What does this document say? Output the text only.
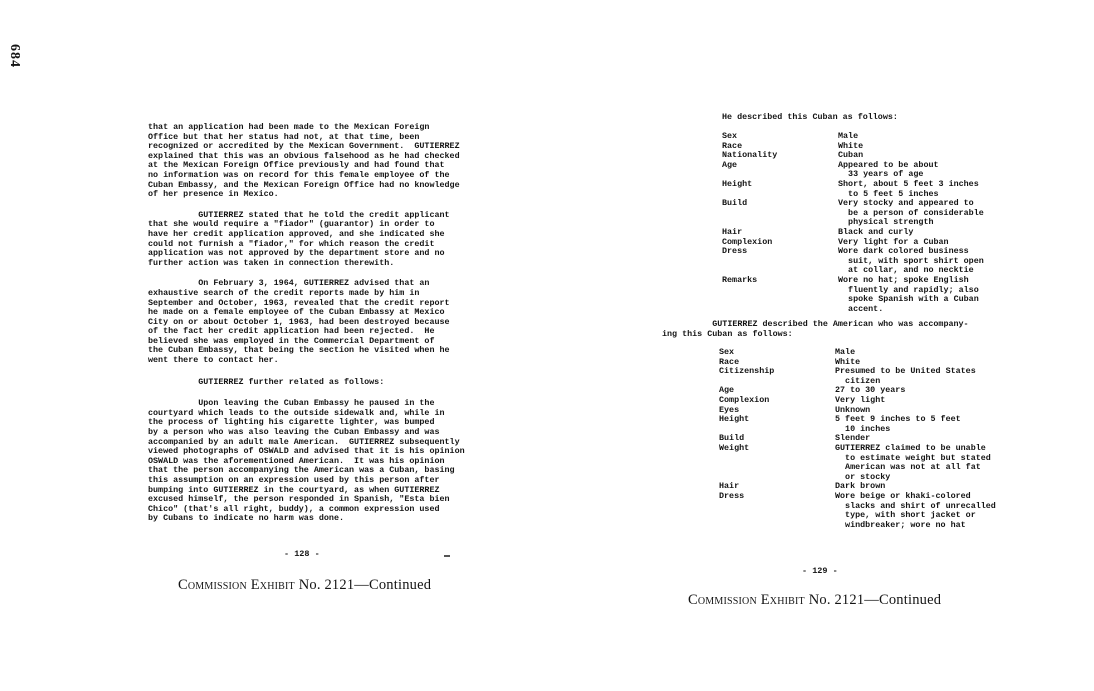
684

that an application had been made to the Mexican Foreign
Office but that her status had not, at that time, been
recognized or accredited by the Mexican Government.  GUTIERREZ
explained that this was an obvious falsehood as he had checked
at the Mexican Foreign Office previously and had found that
no information was on record for this female employee of the
Cuban Embassy, and the Mexican Foreign Office had no knowledge
of her presence in Mexico.

GUTIERREZ stated that he told the credit applicant
that she would require a "fiador" (guarantor) in order to
have her credit application approved, and she indicated she
could not furnish a "fiador," for which reason the credit
application was not approved by the department store and no
further action was taken in connection therewith.

On February 3, 1964, GUTIERREZ advised that an
exhaustive search of the credit reports made by him in
September and October, 1963, revealed that the credit report
he made on a female employee of the Cuban Embassy at Mexico
City on or about October 1, 1963, had been destroyed because
of the fact her credit application had been rejected.  He
believed she was employed in the Commercial Department of
the Cuban Embassy, that being the section he visited when he
went there to contact her.

GUTIERREZ further related as follows:

Upon leaving the Cuban Embassy he paused in the
courtyard which leads to the outside sidewalk and, while in
the process of lighting his cigarette lighter, was bumped
by a person who was also leaving the Cuban Embassy and was
accompanied by an adult male American.  GUTIERREZ subsequently
viewed photographs of OSWALD and advised that it is his opinion
OSWALD was the aforementioned American.  It was his opinion
that the person accompanying the American was a Cuban, basing
this assumption on an expression used by this person after
bumping into GUTIERREZ in the courtyard, as when GUTIERREZ
excused himself, the person responded in Spanish, "Esta bien
Chico" (that's all right, buddy), a common expression used
by Cubans to indicate no harm was done.

- 128 -
Commission Exhibit No. 2121—Continued
He described this Cuban as follows:
Sex	Male

Race	White

Nationality	Cuban

Age	Appeared to be about
33 years of age

Height	Short, about 5 feet 3 inches
to 5 feet 5 inches

Build	Very stocky and appeared to
be a person of considerable
physical strength

Hair	Black and curly

Complexion	Very light for a Cuban

Dress	Wore dark colored business
suit, with sport shirt open
at collar, and no necktie

Remarks	Wore no hat; spoke English
fluently and rapidly; also
spoke Spanish with a Cuban
accent.
GUTIERREZ described the American who was accompany-
ing this Cuban as follows:
Sex	Male

Race	White

Citizenship	Presumed to be United States
citizen

Age	27 to 30 years

Complexion	Very light

Eyes	Unknown

Height	5 feet 9 inches to 5 feet
10 inches

Build	Slender

Weight	GUTIERREZ claimed to be unable
to estimate weight but stated
American was not at all fat
or stocky

Hair	Dark brown

Dress	Wore beige or khaki-colored
slacks and shirt of unrecalled
type, with short jacket or
windbreaker; wore no hat
- 129 -
Commission Exhibit No. 2121—Continued
